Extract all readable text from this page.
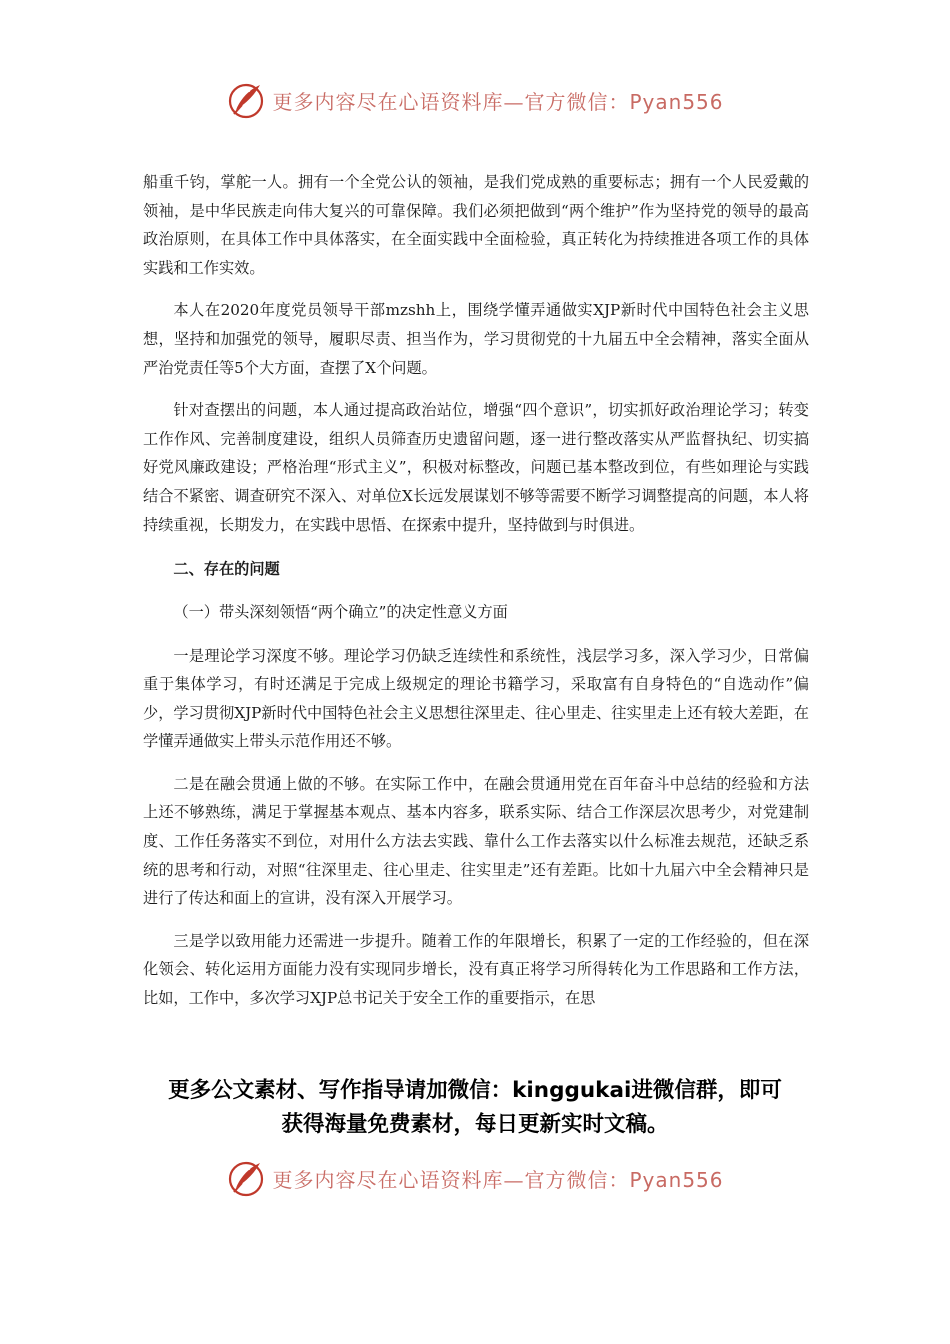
更多内容尽在心语资料库—官方微信：Pyan556

船重千钧，掌舵一人。拥有一个全党公认的领袖，是我们党成熟的重要标志；拥有一个人民爱戴的领袖，是中华民族走向伟大复兴的可靠保障。我们必须把做到“两个维护”作为坚持党的领导的最高政治原则，在具体工作中具体落实，在全面实践中全面检验，真正转化为持续推进各项工作的具体实践和工作实效。

本人在2020年度党员领导干部mzshh上，围绕学懂弄通做实XJP新时代中国特色社会主义思想，坚持和加强党的领导，履职尽责、担当作为，学习贯彻党的十九届五中全会精神，落实全面从严治党责任等5个大方面，查摆了X个问题。

针对查摆出的问题，本人通过提高政治站位，增强“四个意识”，切实抓好政治理论学习；转变工作作风、完善制度建设，组织人员筛查历史遗留问题，逐一进行整改落实从严监督执纪、切实搞好党风廉政建设；严格治理“形式主义”，积极对标整改，问题已基本整改到位，有些如理论与实践结合不紧密、调查研究不深入、对单位X长远发展谋划不够等需要不断学习调整提高的问题，本人将持续重视，长期发力，在实践中思悟、在探索中提升，坚持做到与时俱进。

二、存在的问题

（一）带头深刻领悟“两个确立”的决定性意义方面

一是理论学习深度不够。理论学习仍缺乏连续性和系统性，浅层学习多，深入学习少，日常偏重于集体学习，有时还满足于完成上级规定的理论书籍学习，采取富有自身特色的“自选动作”偏少，学习贯彻XJP新时代中国特色社会主义思想往深里走、往心里走、往实里走上还有较大差距，在学懂弄通做实上带头示范作用还不够。

二是在融会贯通上做的不够。在实际工作中，在融会贯通用党在百年奋斗中总结的经验和方法上还不够熟练，满足于掌握基本观点、基本内容多，联系实际、结合工作深层次思考少，对党建制度、工作任务落实不到位，对用什么方法去实践、靠什么工作去落实以什么标准去规范，还缺乏系统的思考和行动，对照“往深里走、往心里走、往实里走”还有差距。比如十九届六中全会精神只是进行了传达和面上的宣讲，没有深入开展学习。

三是学以致用能力还需进一步提升。随着工作的年限增长，积累了一定的工作经验的，但在深化领会、转化运用方面能力没有实现同步增长，没有真正将学习所得转化为工作思路和工作方法，比如，工作中，多次学习XJP总书记关于安全工作的重要指示，在思

更多公文素材、写作指导请加微信：kinggukai进微信群，即可
获得海量免费素材，每日更新实时文稿。
更多内容尽在心语资料库—官方微信：Pyan556
